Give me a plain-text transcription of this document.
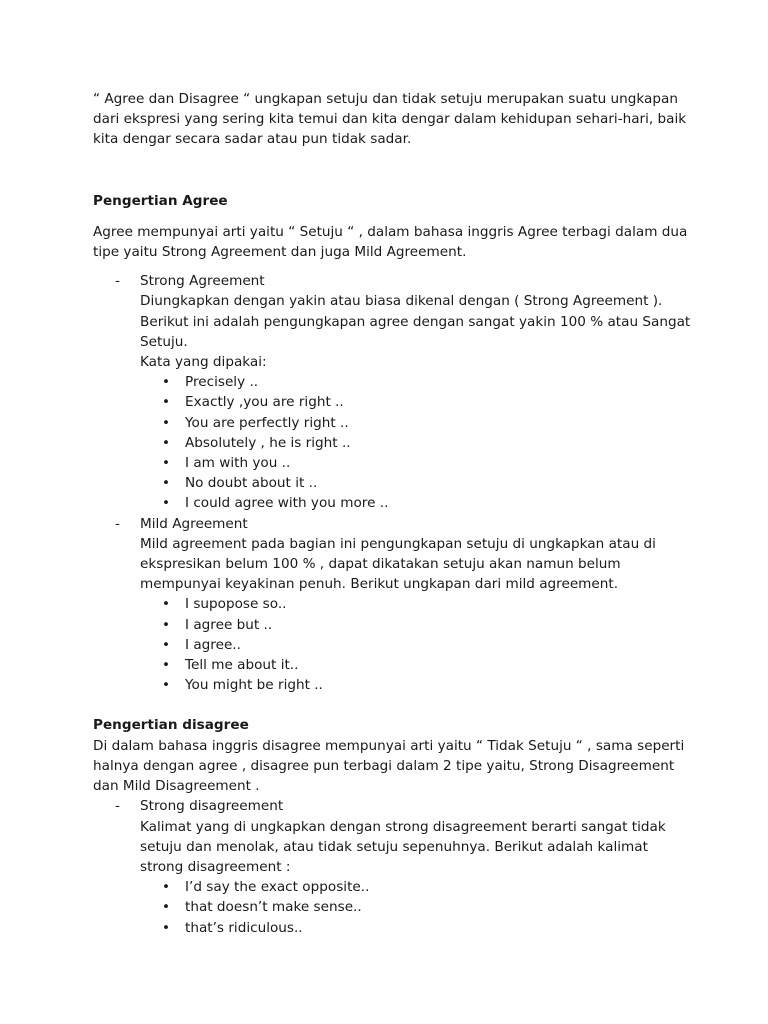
“ Agree dan Disagree “ ungkapan setuju dan tidak setuju merupakan suatu ungkapan dari ekspresi yang sering kita temui dan kita dengar dalam kehidupan sehari-hari, baik kita dengar secara sadar atau pun tidak sadar.

Pengertian Agree

Agree mempunyai arti yaitu “ Setuju “ , dalam bahasa inggris Agree terbagi dalam dua tipe yaitu Strong Agreement dan juga Mild Agreement.

- Strong Agreement

Diungkapkan dengan yakin atau biasa dikenal dengan ( Strong Agreement ).

Berikut ini adalah pengungkapan agree dengan sangat yakin 100 % atau Sangat Setuju.

Kata yang dipakai:

• Precisely ..
• Exactly ,you are right ..
• You are perfectly right ..
• Absolutely , he is right ..
• I am with you ..
• No doubt about it ..
• I could agree with you more ..
- Mild Agreement

Mild agreement pada bagian ini pengungkapan setuju di ungkapkan atau di ekspresikan belum 100 % , dapat dikatakan setuju akan namun belum mempunyai keyakinan penuh. Berikut ungkapan dari mild agreement.

• I supopose so..
• I agree but ..
• I agree..
• Tell me about it..
• You might be right ..

Pengertian disagree

Di dalam bahasa inggris disagree mempunyai arti yaitu “ Tidak Setuju “ , sama seperti halnya dengan agree , disagree pun terbagi dalam 2 tipe yaitu, Strong Disagreement dan Mild Disagreement .

- Strong disagreement

Kalimat yang di ungkapkan dengan strong disagreement berarti sangat tidak setuju dan menolak, atau tidak setuju sepenuhnya. Berikut adalah kalimat strong disagreement :

• I’d say the exact opposite..
• that doesn’t make sense..
• that’s ridiculous..
